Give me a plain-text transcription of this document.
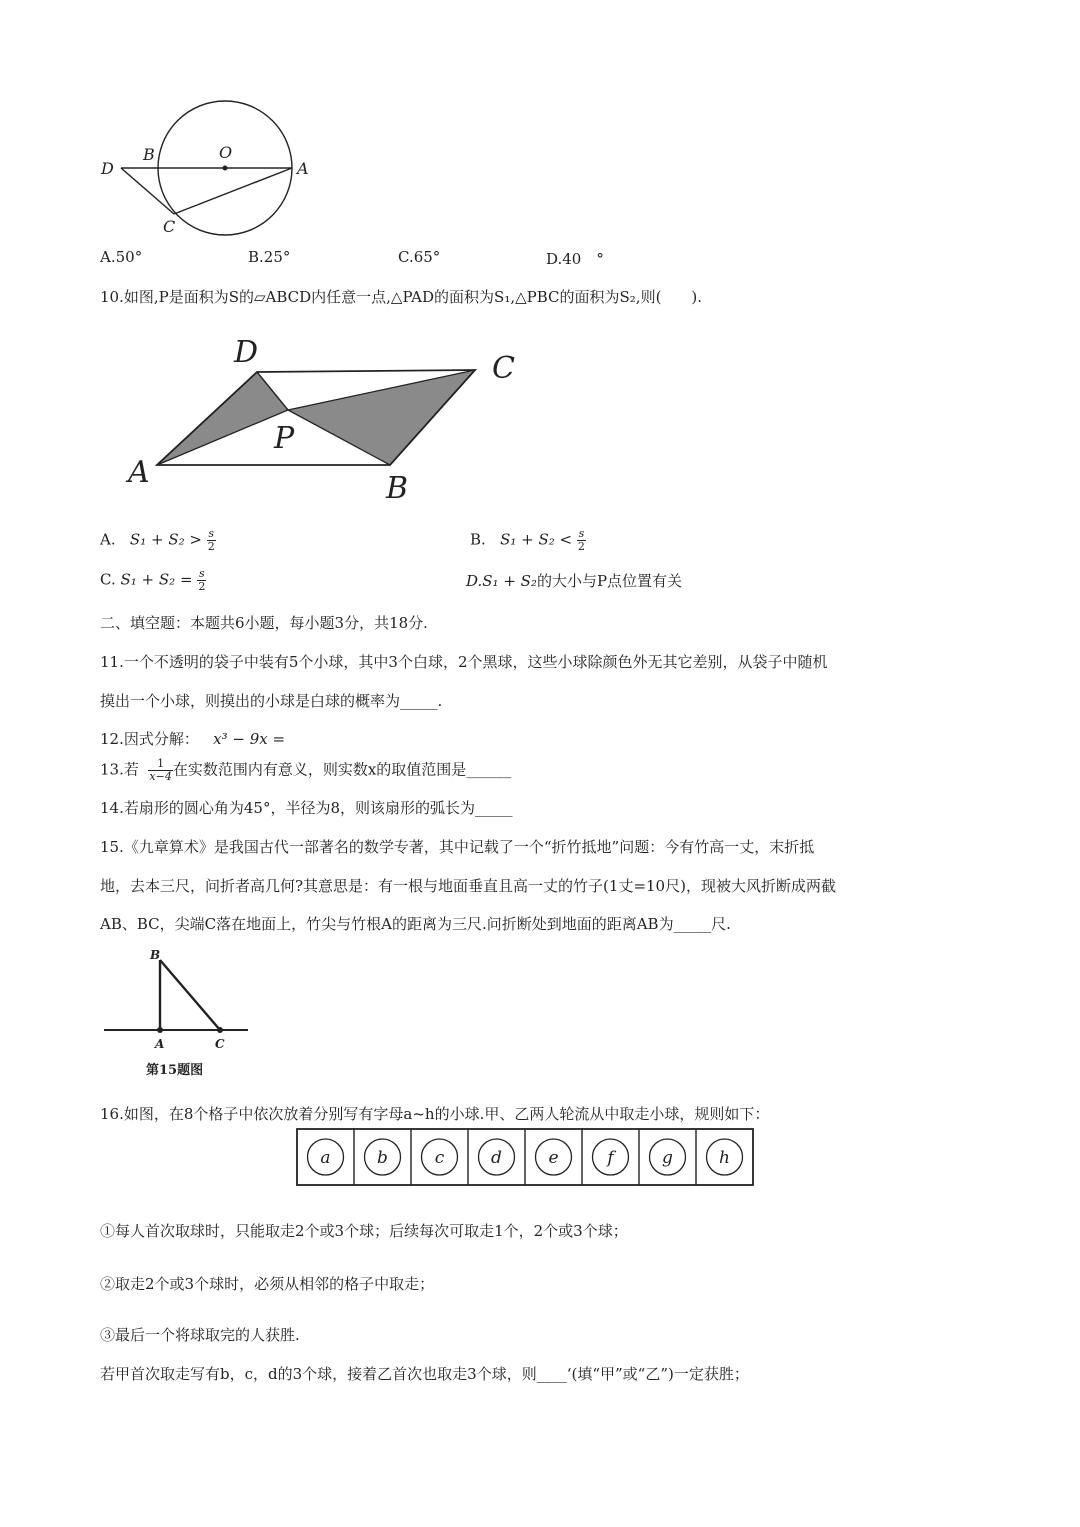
D
B	O
A
C
A.50°	B.25°	C.65°	D.40　°
10.如图,P是面积为S的▱ABCD内任意一点,△PAD的面积为S₁,△PBC的面积为S₂,则(　　).
A	B
C
D
P
A. $S_1 + S_2 > \frac{s}{2}$	B. $S_1 + S_2 < \frac{s}{2}$
C. $S_1 + S_2 = \frac{s}{2}$	D.S₁ + S₂的大小与P点位置有关
二、填空题：本题共6小题，每小题3分，共18分.
11.一个不透明的袋子中装有5个小球，其中3个白球，2个黑球，这些小球除颜色外无其它差别，从袋子中随机
摸出一个小球，则摸出的小球是白球的概率为_____.
12.因式分解： x³ − 9x =
13.若 $\frac{1}{x-4}$ 在实数范围内有意义，则实数x的取值范围是______
14.若扇形的圆心角为45°，半径为8，则该扇形的弧长为_____
15.《九章算术》是我国古代一部著名的数学专著，其中记载了一个“折竹抵地”问题：今有竹高一丈，末折抵
地，去本三尺，问折者高几何?其意思是：有一根与地面垂直且高一丈的竹子(1丈=10尺)，现被大风折断成两截
AB、BC，尖端C落在地面上，竹尖与竹根A的距离为三尺.问折断处到地面的距离AB为_____尺.
B
A	C
第15题图
16.如图，在8个格子中依次放着分别写有字母a~h的小球.甲、乙两人轮流从中取走小球，规则如下：
a	b	c	d	e	f	g	h
①每人首次取球时，只能取走2个或3个球；后续每次可取走1个，2个或3个球；
②取走2个或3个球时，必须从相邻的格子中取走；
③最后一个将球取完的人获胜.
若甲首次取走写有b，c，d的3个球，接着乙首次也取走3个球，则____‘(填“甲”或“乙”)一定获胜；
